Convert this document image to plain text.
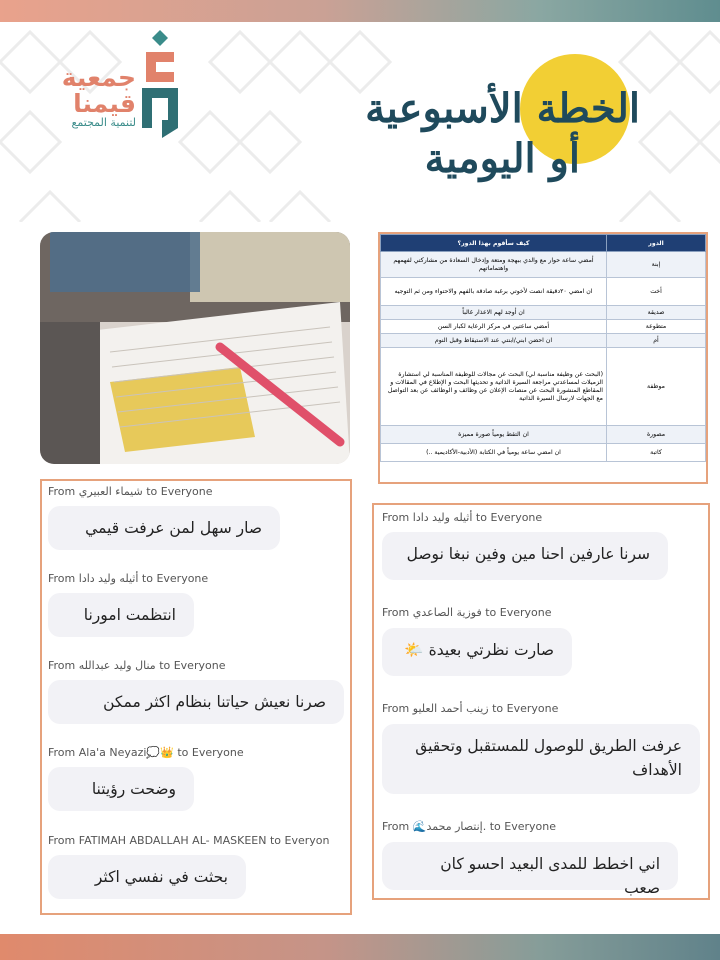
جمعية
قيمنا
لتنمية المجتمع	الخطة الأسبوعية
أو اليومية
الدور	كيف سأقوم بهذا الدور؟
إبنة	أمضي ساعة حوار مع والدي ببهجة ومتعة وإدخال السعادة من مشاركتي لفهمهم واهتماماتهم
أخت	ان امضي ٢٠دقيقة انصت لأخوتي برغبة صادقة بالفهم والاحتواء ومن ثم التوجيه
صديقة	ان أوجد لهم الاعذار غالباً
متطوعة	أمضي ساعتين في مركز الرعاية لكبار السن
أم	ان احضن ابني/ابنتي عند الاستيقاظ وقبل النوم
موظفة	(البحث عن وظيفة مناسبة لي) البحث عن مجالات للوظيفة المناسبة لي استشارة الزميلات لمساعدتي مراجعة السيرة الذاتية و تحديثها البحث و الإطلاع في المقالات و المقاطع المنشورة البحث عن منصات الإعلان عن وظائف و الوظائف عن بعد التواصل مع الجهات لارسال السيرة الذاتية
مصورة	ان التقط يومياً صورة مميزة
كاتبة	ان امضي ساعة يومياً في الكتابة (الأدبية-الأكاديمية ..)
From شيماء العبيري to Everyone
صار سهل لمن عرفت قيمي
From أثيله وليد دادا to Everyone
انتظمت امورنا
From منال وليد عبدالله to Everyone
صرنا نعيش حياتنا بنظام اكثر ممكن
From Ala'a Neyazi💭👑 to Everyone
وضحت رؤيتنا
From FATIMAH ABDALLAH AL- MASKEEN to Everyon
بحثت في نفسي اكثر
From أثيله وليد دادا to Everyone
سرنا عارفين احنا مين وفين نبغا نوصل
From فوزية الصاعدي to Everyone
صارت نظرتي بعيدة 🌤️
From زينب أحمد العليو to Everyone
عرفت الطريق للوصول للمستقبل وتحقيق الأهداف
From 🌊إنتصار محمد. to Everyone
اني اخطط للمدى البعيد احسو كان صعب
